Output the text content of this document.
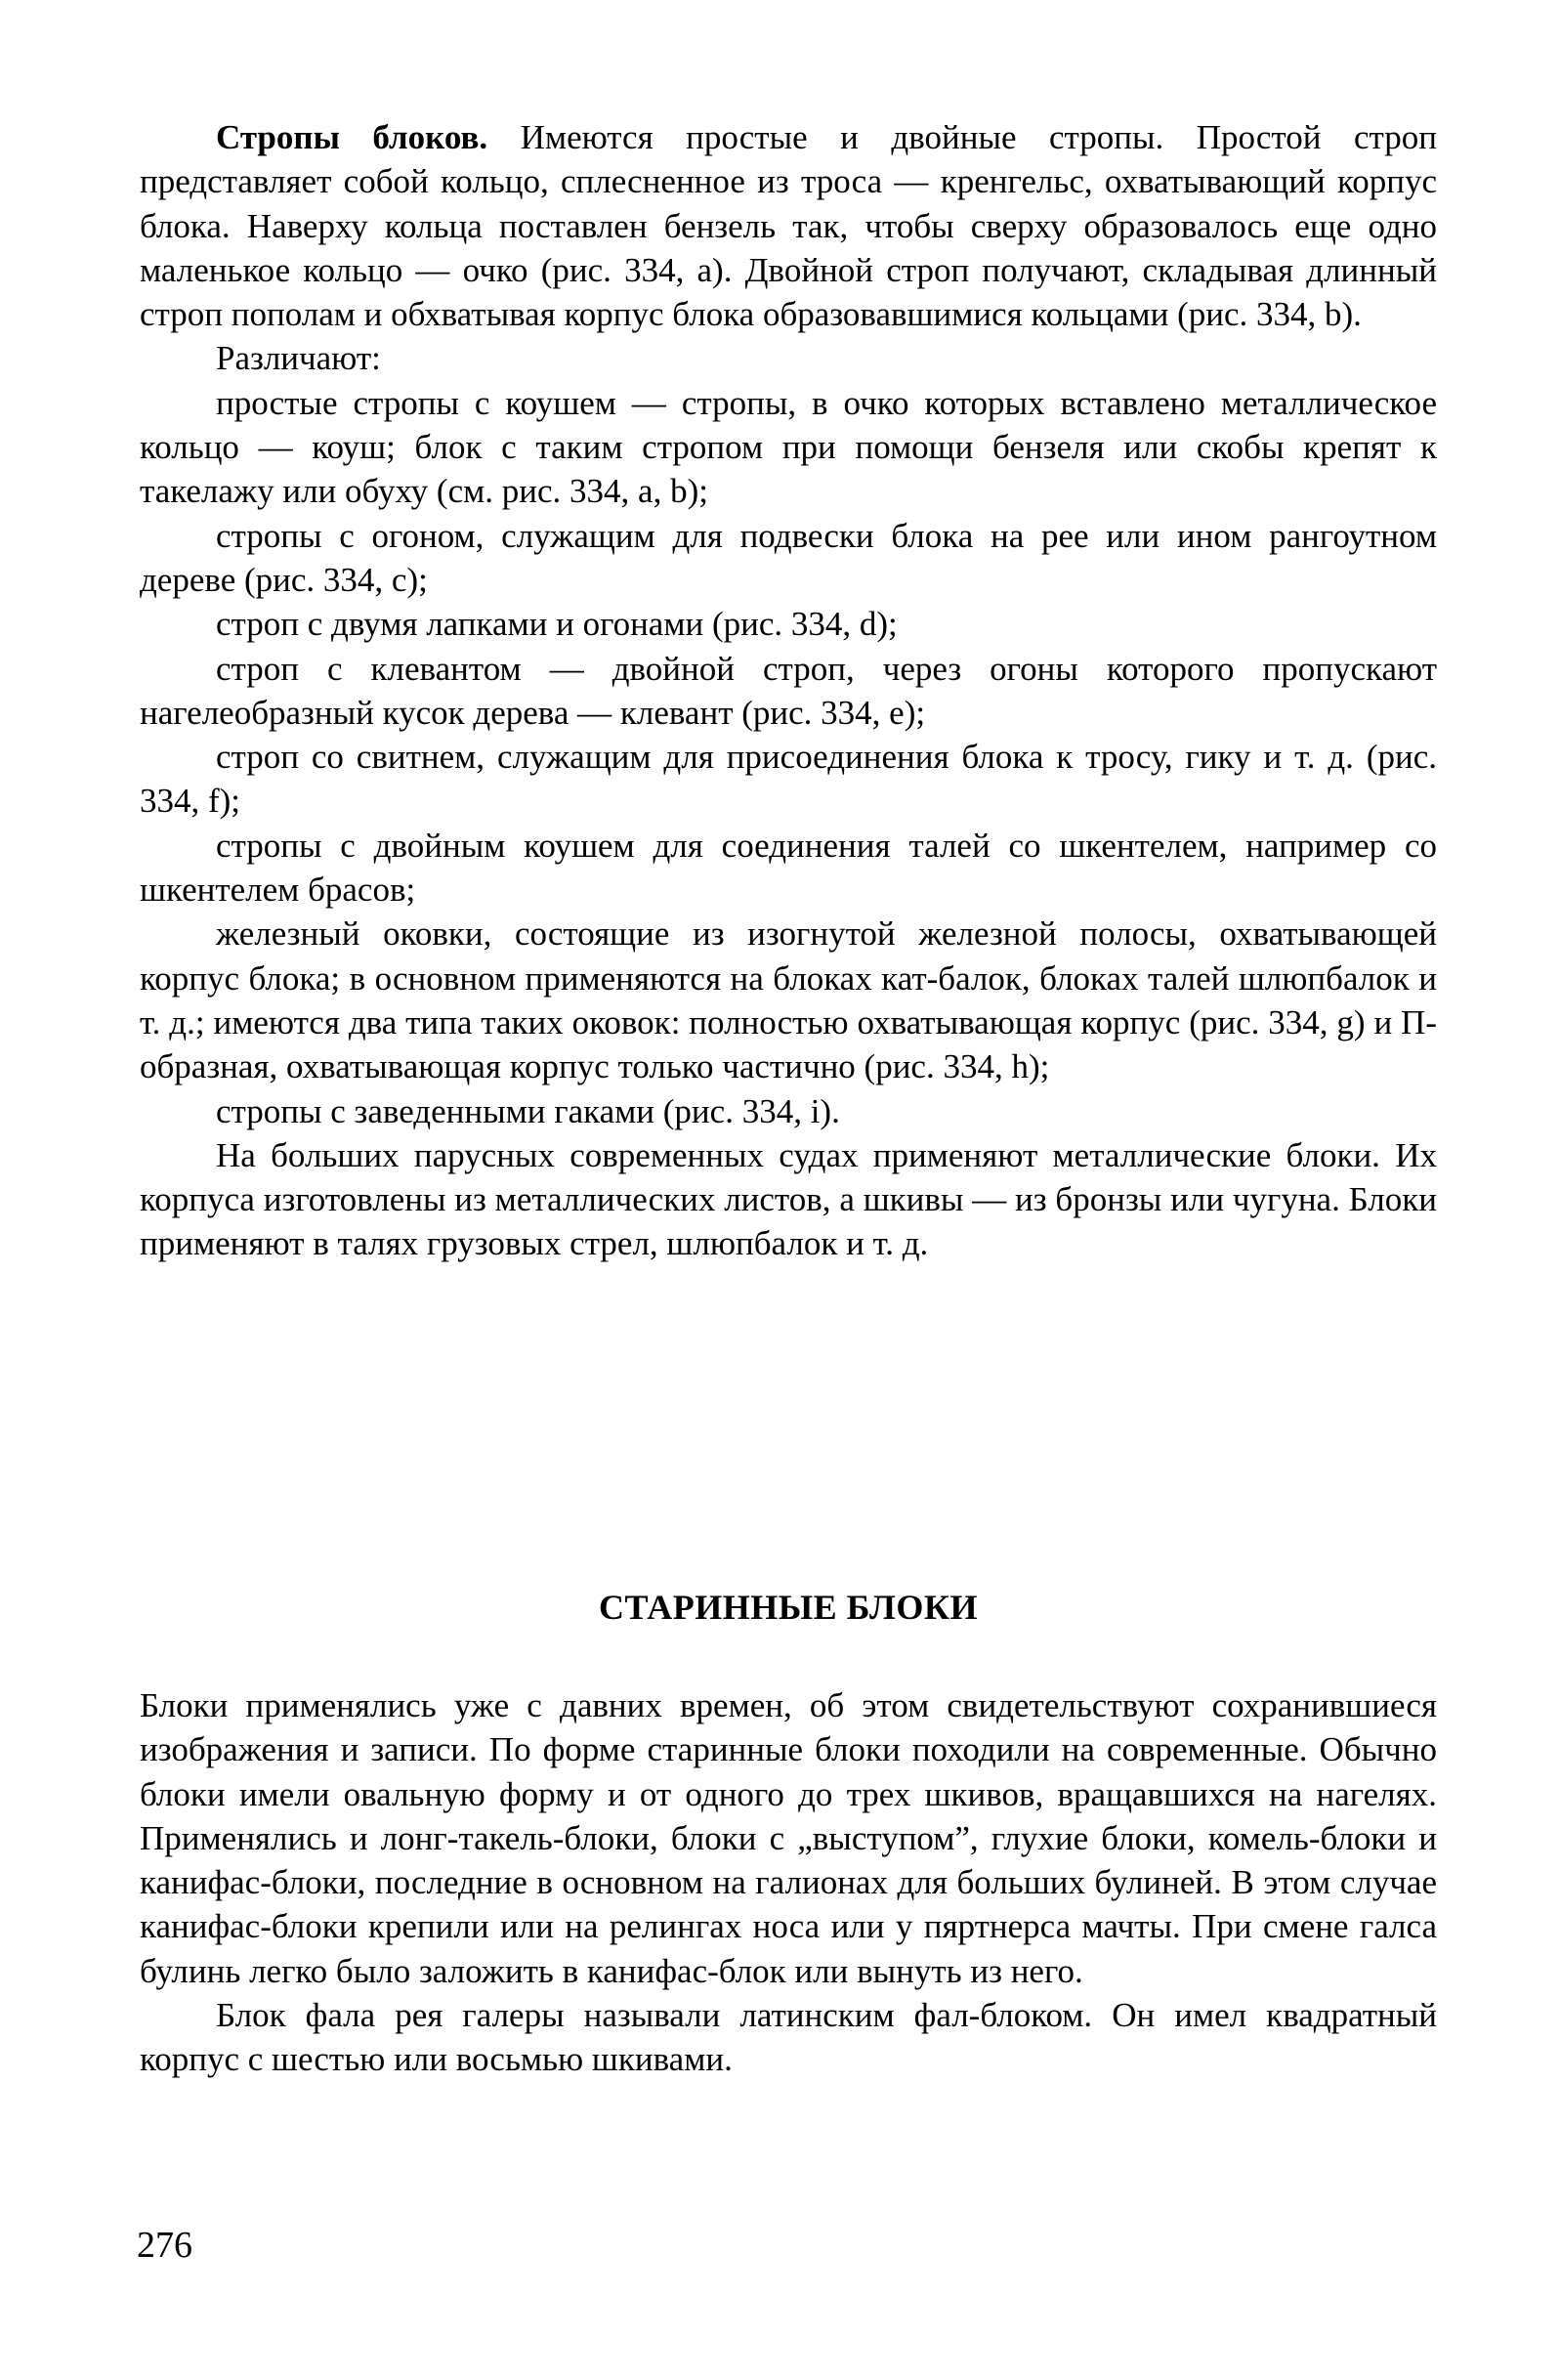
Стропы блоков. Имеются простые и двойные стропы. Простой строп представляет собой кольцо, сплесненное из троса — кренгельс, охватывающий корпус блока. Наверху кольца поставлен бензель так, чтобы сверху образовалось еще одно маленькое кольцо — очко (рис. 334, a). Двойной строп получают, складывая длинный строп пополам и обхватывая корпус блока образовавшимися кольцами (рис. 334, b).

Различают:

простые стропы с коушем — стропы, в очко которых вставлено металлическое кольцо — коуш; блок с таким стропом при помощи бензеля или скобы крепят к такелажу или обуху (см. рис. 334, a, b);

стропы с огоном, служащим для подвески блока на рее или ином рангоутном дереве (рис. 334, c);

строп с двумя лапками и огонами (рис. 334, d);

строп с клевантом — двойной строп, через огоны которого пропускают нагелеобразный кусок дерева — клевант (рис. 334, e);

строп со свитнем, служащим для присоединения блока к тросу, гику и т. д. (рис. 334, f);

стропы с двойным коушем для соединения талей со шкентелем, например со шкентелем брасов;

железный оковки, состоящие из изогнутой железной полосы, охватывающей корпус блока; в основном применяются на блоках кат-балок, блоках талей шлюпбалок и т. д.; имеются два типа таких оковок: полностью охватывающая корпус (рис. 334, g) и П-образная, охватывающая корпус только частично (рис. 334, h);

стропы с заведенными гаками (рис. 334, i).

На больших парусных современных судах применяют металлические блоки. Их корпуса изготовлены из металлических листов, а шкивы — из бронзы или чугуна. Блоки применяют в талях грузовых стрел, шлюпбалок и т. д.

СТАРИННЫЕ БЛОКИ

Блоки применялись уже с давних времен, об этом свидетельствуют сохранившиеся изображения и записи. По форме старинные блоки походили на современные. Обычно блоки имели овальную форму и от одного до трех шкивов, вращавшихся на нагелях. Применялись и лонг-такель-блоки, блоки с „выступом”, глухие блоки, комель-блоки и канифас-блоки, последние в основном на галионах для больших булиней. В этом случае канифас-блоки крепили или на релингах носа или у пяртнерса мачты. При смене галса булинь легко было заложить в канифас-блок или вынуть из него.

Блок фала рея галеры называли латинским фал-блоком. Он имел квадратный корпус с шестью или восьмью шкивами.

276
